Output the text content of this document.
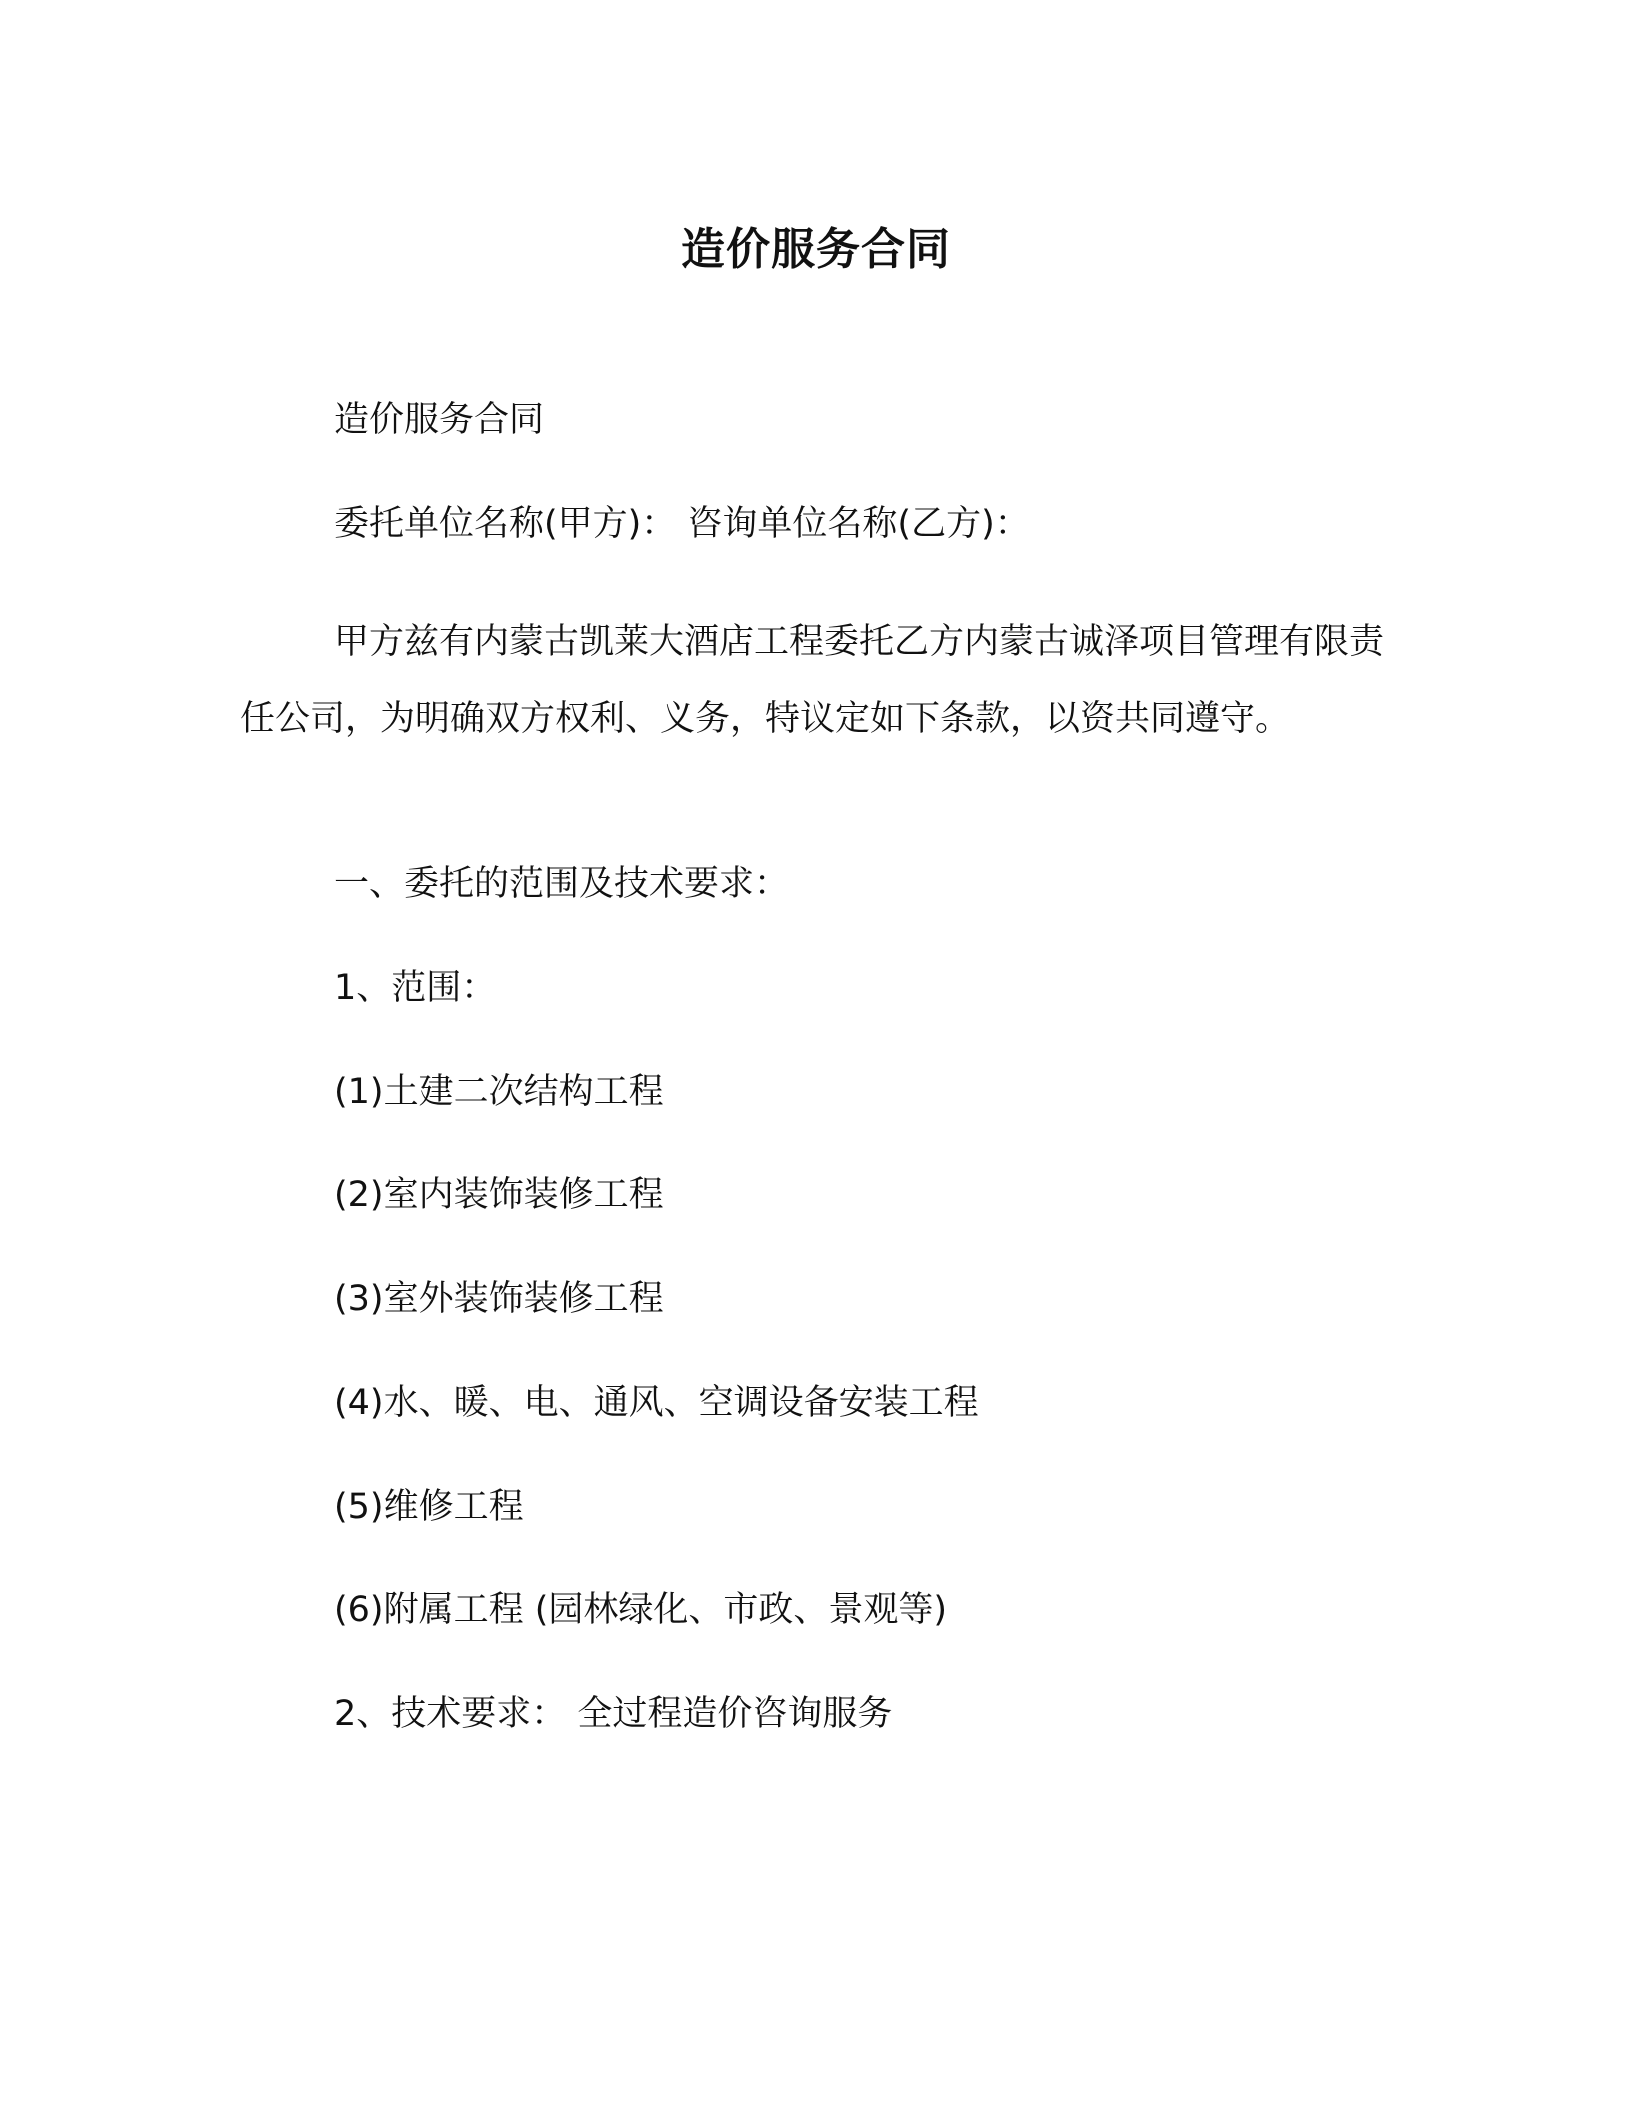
造价服务合同
造价服务合同
委托单位名称(甲方)： 咨询单位名称(乙方)：
甲方兹有内蒙古凯莱大酒店工程委托乙方内蒙古诚泽项目管理有限责任公司，为明确双方权利、义务，特议定如下条款，以资共同遵守。
一、委托的范围及技术要求：
1、范围：
(1)土建二次结构工程
(2)室内装饰装修工程
(3)室外装饰装修工程
(4)水、暖、电、通风、空调设备安装工程
(5)维修工程
(6)附属工程 (园林绿化、市政、景观等)
2、技术要求： 全过程造价咨询服务
